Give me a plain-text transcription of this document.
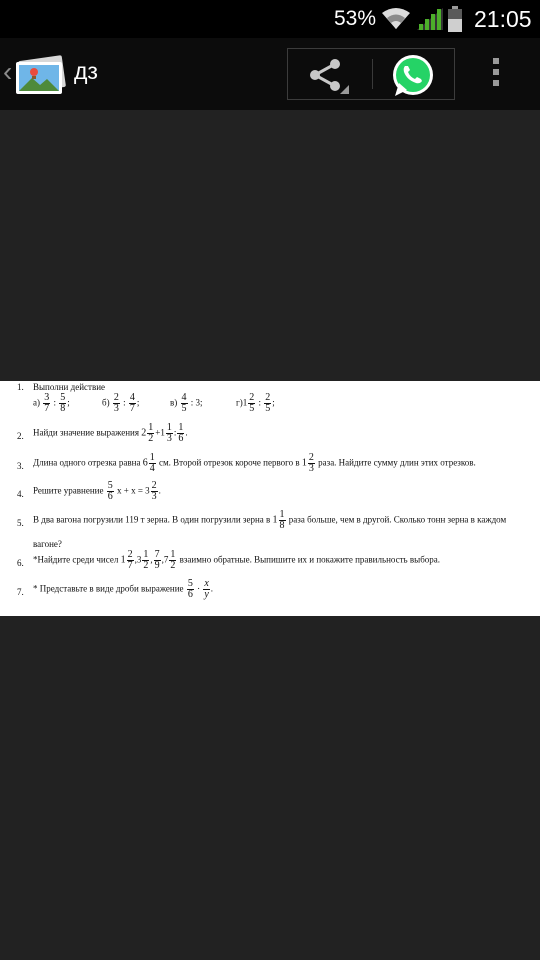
53%	21:05
‹	дз
1. Выполни действие
$a) \frac{3}{7}$ : $\frac{5}{8}$ ;	$б) \frac{2}{3}$ : $\frac{4}{7}$ ;	$в) \frac{4}{5}$ : 3;	$г)1 \frac{2}{5}$ : $\frac{2}{5}$ ;
2. Найди значение выражения $2 \frac{1}{2} +1 \frac{1}{3}$ : $\frac{1}{6}$ .
3. Длина одного отрезка равна $6 \frac{1}{4}$ см. Второй отрезок короче первого в $1 \frac{2}{3}$ раза. Найдите сумму длин этих отрезков.
4. Решите уравнение $\frac{5}{6}$ $x + x = 3 \frac{2}{3}$ .
5. В два вагона погрузили 119 т зерна. В один погрузили зерна в $1 \frac{1}{8}$ раза больше, чем в другой. Сколько тонн зерна в каждом
вагоне?
6. *Найдите среди чисел $1 \frac{2}{7} ,3 \frac{1}{2}$ , $\frac{7}{9} ,7 \frac{1}{2}$ взаимно обратные. Выпишите их и покажите правильность выбора.
7. * Представьте в виде дроби выражение $\frac{5}{6} \cdot \frac{x}{y}$ .
